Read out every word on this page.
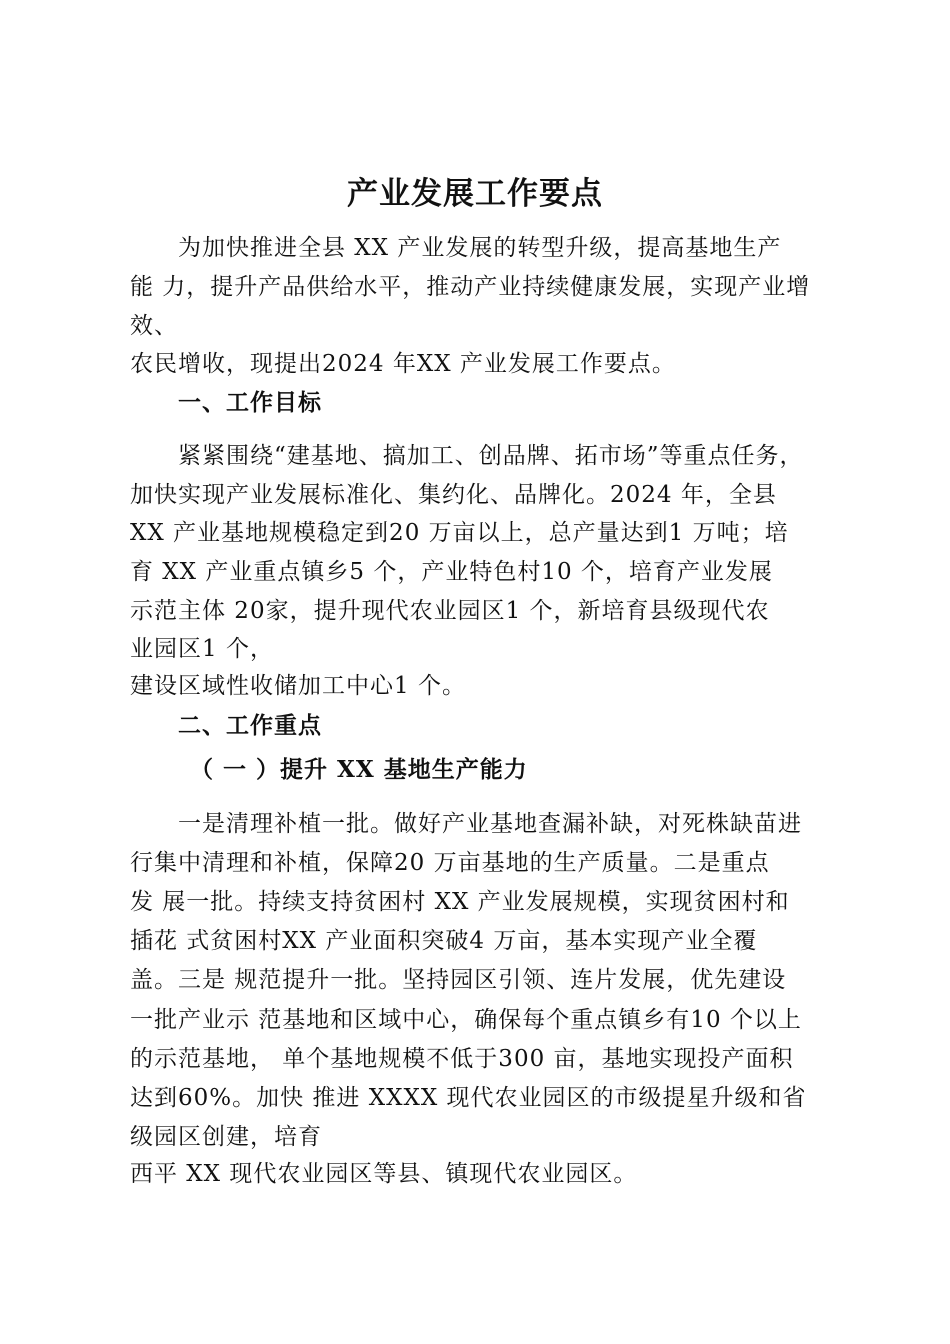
产业发展工作要点
为加快推进全县 XX 产业发展的转型升级，提高基地生产
能 力，提升产品供给水平，推动产业持续健康发展，实现产业增
效、
农民增收，现提出2024 年XX 产业发展工作要点。
一、工作目标
紧紧围绕“建基地、搞加工、创品牌、拓市场”等重点任务，
加快实现产业发展标准化、集约化、品牌化。2024 年，全县
XX 产业基地规模稳定到20 万亩以上，总产量达到1 万吨；培
育 XX 产业重点镇乡5 个，产业特色村10 个，培育产业发展
示范主体 20家，提升现代农业园区1 个，新培育县级现代农
业园区1 个，
建设区域性收储加工中心1 个。
二、工作重点
（ 一 ）提升 XX 基地生产能力
一是清理补植一批。做好产业基地查漏补缺，对死株缺苗进
行集中清理和补植，保障20 万亩基地的生产质量。二是重点
发 展一批。持续支持贫困村 XX 产业发展规模，实现贫困村和
插花 式贫困村XX 产业面积突破4 万亩，基本实现产业全覆
盖。三是 规范提升一批。坚持园区引领、连片发展，优先建设
一批产业示 范基地和区域中心，确保每个重点镇乡有10 个以上
的示范基地， 单个基地规模不低于300 亩，基地实现投产面积
达到60%。加快 推进 XXXX 现代农业园区的市级提星升级和省
级园区创建，培育
西平 XX 现代农业园区等县、镇现代农业园区。
